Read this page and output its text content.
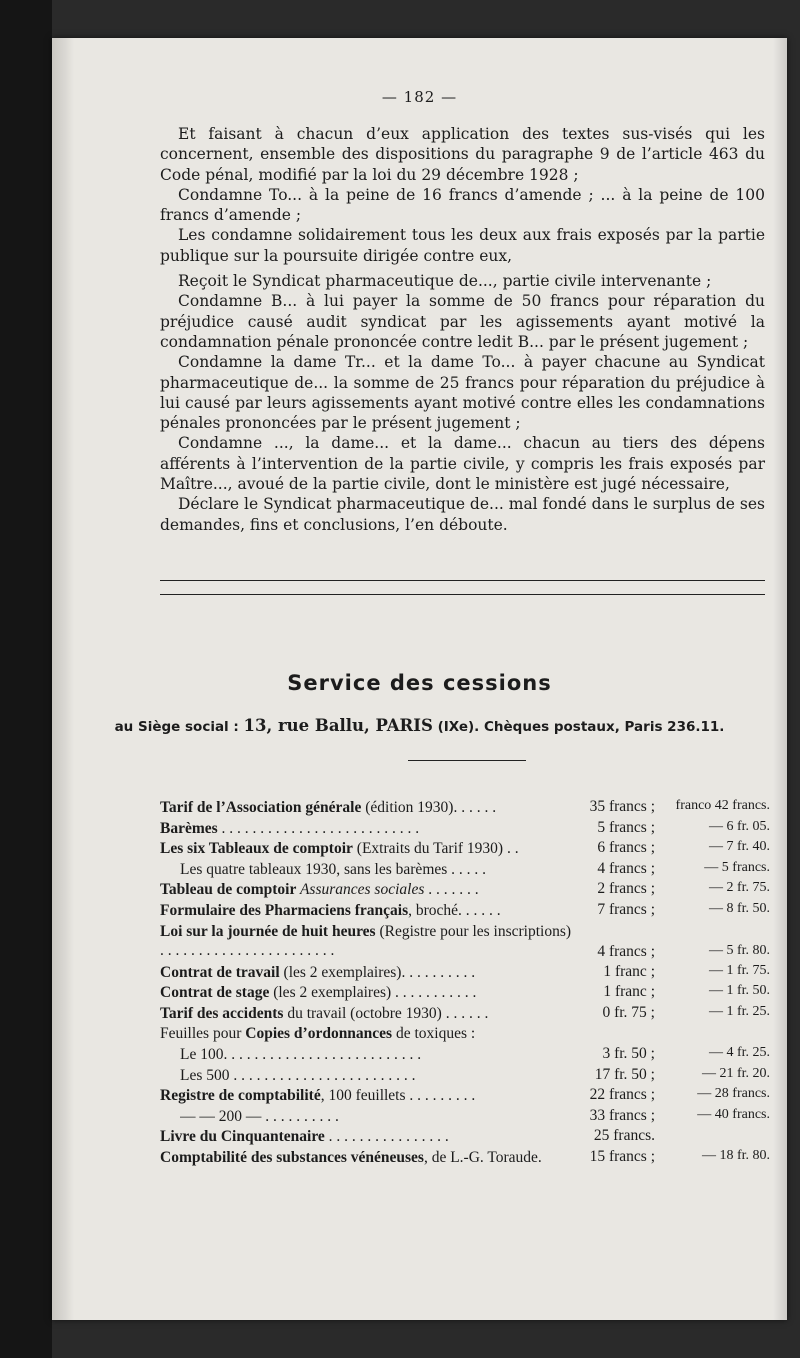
— 182 —

Et faisant à chacun d’eux application des textes sus-visés qui les concernent, ensemble des dispositions du paragraphe 9 de l’article 463 du Code pénal, modifié par la loi du 29 décembre 1928 ;

Condamne To... à la peine de 16 francs d’amende ; ... à la peine de 100 francs d’amende ;

Les condamne solidairement tous les deux aux frais exposés par la partie publique sur la poursuite dirigée contre eux,

Reçoit le Syndicat pharmaceutique de..., partie civile intervenante ;

Condamne B... à lui payer la somme de 50 francs pour réparation du préjudice causé audit syndicat par les agissements ayant motivé la condamnation pénale prononcée contre ledit B... par le présent jugement ;

Condamne la dame Tr... et la dame To... à payer chacune au Syndicat pharmaceutique de... la somme de 25 francs pour réparation du préjudice à lui causé par leurs agissements ayant motivé contre elles les condamnations pénales prononcées par le présent jugement ;

Condamne ..., la dame... et la dame... chacun au tiers des dépens afférents à l’intervention de la partie civile, y compris les frais exposés par Maître..., avoué de la partie civile, dont le ministère est jugé nécessaire,

Déclare le Syndicat pharmaceutique de... mal fondé dans le surplus de ses demandes, fins et conclusions, l’en déboute.

Service des cessions
au Siège social : 13, rue Ballu, PARIS (IXe). Chèques postaux, Paris 236.11.
Tarif de l’Association générale (édition 1930). . . . . .	35 francs ;	franco 42 francs.
Barèmes . . . . . . . . . . . . . . . . . . . . . . . . . .	5 francs ;	— 6 fr. 05.
Les six Tableaux de comptoir (Extraits du Tarif 1930) . .	6 francs ;	— 7 fr. 40.
Les quatre tableaux 1930, sans les barèmes . . . . .	4 francs ;	— 5 francs.
Tableau de comptoir Assurances sociales . . . . . . .	2 francs ;	— 2 fr. 75.
Formulaire des Pharmaciens français, broché. . . . . .	7 francs ;	— 8 fr. 50.
Loi sur la journée de huit heures (Registre pour les inscriptions) . . . . . . . . . . . . . . . . . . . . . . .	4 francs ;	— 5 fr. 80.
Contrat de travail (les 2 exemplaires). . . . . . . . . .	1 franc ;	— 1 fr. 75.
Contrat de stage (les 2 exemplaires) . . . . . . . . . . .	1 franc ;	— 1 fr. 50.
Tarif des accidents du travail (octobre 1930) . . . . . .	0 fr. 75 ;	— 1 fr. 25.
Feuilles pour Copies d’ordonnances de toxiques :
Le 100. . . . . . . . . . . . . . . . . . . . . . . . . .	3 fr. 50 ;	— 4 fr. 25.
Les 500 . . . . . . . . . . . . . . . . . . . . . . . .	17 fr. 50 ;	— 21 fr. 20.
Registre de comptabilité, 100 feuillets . . . . . . . . .	22 francs ;	— 28 francs.
— — 200 — . . . . . . . . . .	33 francs ;	— 40 francs.
Livre du Cinquantenaire . . . . . . . . . . . . . . . .	25 francs.
Comptabilité des substances vénéneuses, de L.-G. Toraude.	15 francs ;	— 18 fr. 80.
